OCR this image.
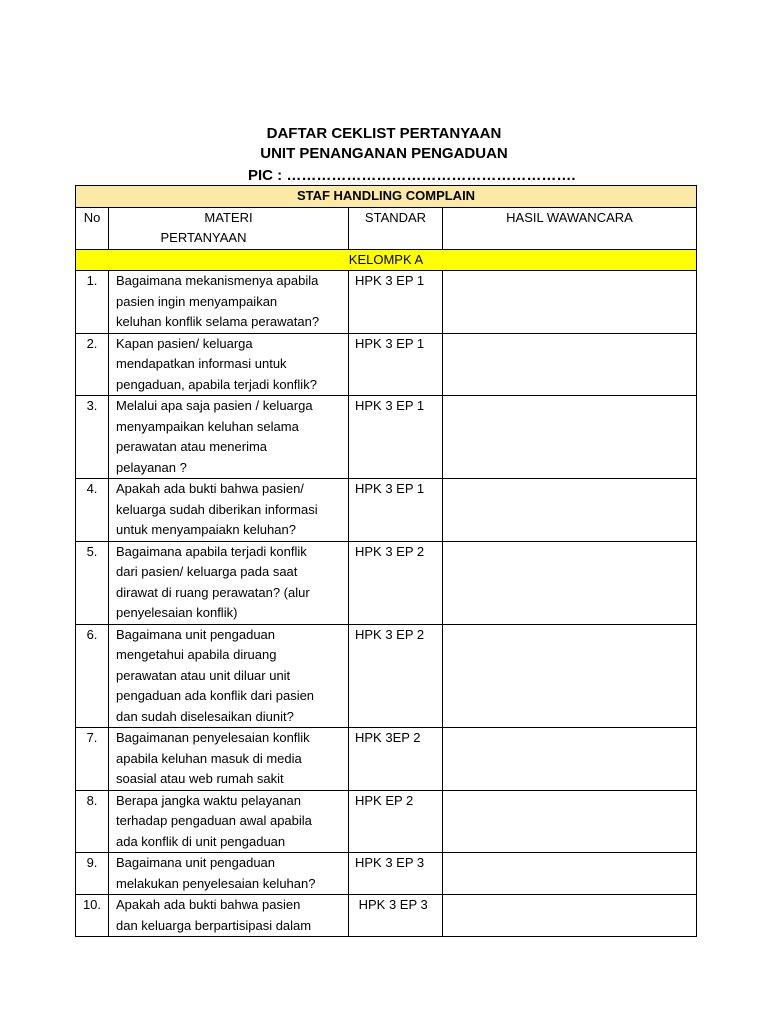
DAFTAR CEKLIST PERTANYAAN
UNIT PENANGANAN PENGADUAN
PIC : ………………………………………………….
STAF HANDLING COMPLAIN			
No	MATERI
PERTANYAAN	STANDAR	HASIL WAWANCARA
KELOMPK A			
1.	Bagaimana mekanismenya apabila
pasien ingin menyampaikan
keluhan konflik selama perawatan?	HPK 3 EP 1	
2.	Kapan pasien/ keluarga
mendapatkan informasi untuk
pengaduan, apabila terjadi konflik?	HPK 3 EP 1	
3.	Melalui apa saja pasien / keluarga
menyampaikan keluhan selama
perawatan atau menerima
pelayanan ?	HPK 3 EP 1	
4.	Apakah ada bukti bahwa pasien/
keluarga sudah diberikan informasi
untuk menyampaiakn keluhan?	HPK 3 EP 1	
5.	Bagaimana apabila terjadi konflik
dari pasien/ keluarga pada saat
dirawat di ruang perawatan? (alur
penyelesaian konflik)	HPK 3 EP 2	
6.	Bagaimana unit pengaduan
mengetahui apabila diruang
perawatan atau unit diluar unit
pengaduan ada konflik dari pasien
dan sudah diselesaikan diunit?	HPK 3 EP 2	
7.	Bagaimanan penyelesaian konflik
apabila keluhan masuk di media
soasial atau web rumah sakit	HPK 3EP 2	
8.	Berapa jangka waktu pelayanan
terhadap pengaduan awal apabila
ada konflik di unit pengaduan	HPK EP 2	
9.	Bagaimana unit pengaduan
melakukan penyelesaian keluhan?	HPK 3 EP 3	
10.	Apakah ada bukti bahwa pasien
dan keluarga berpartisipasi dalam	HPK 3 EP 3	
